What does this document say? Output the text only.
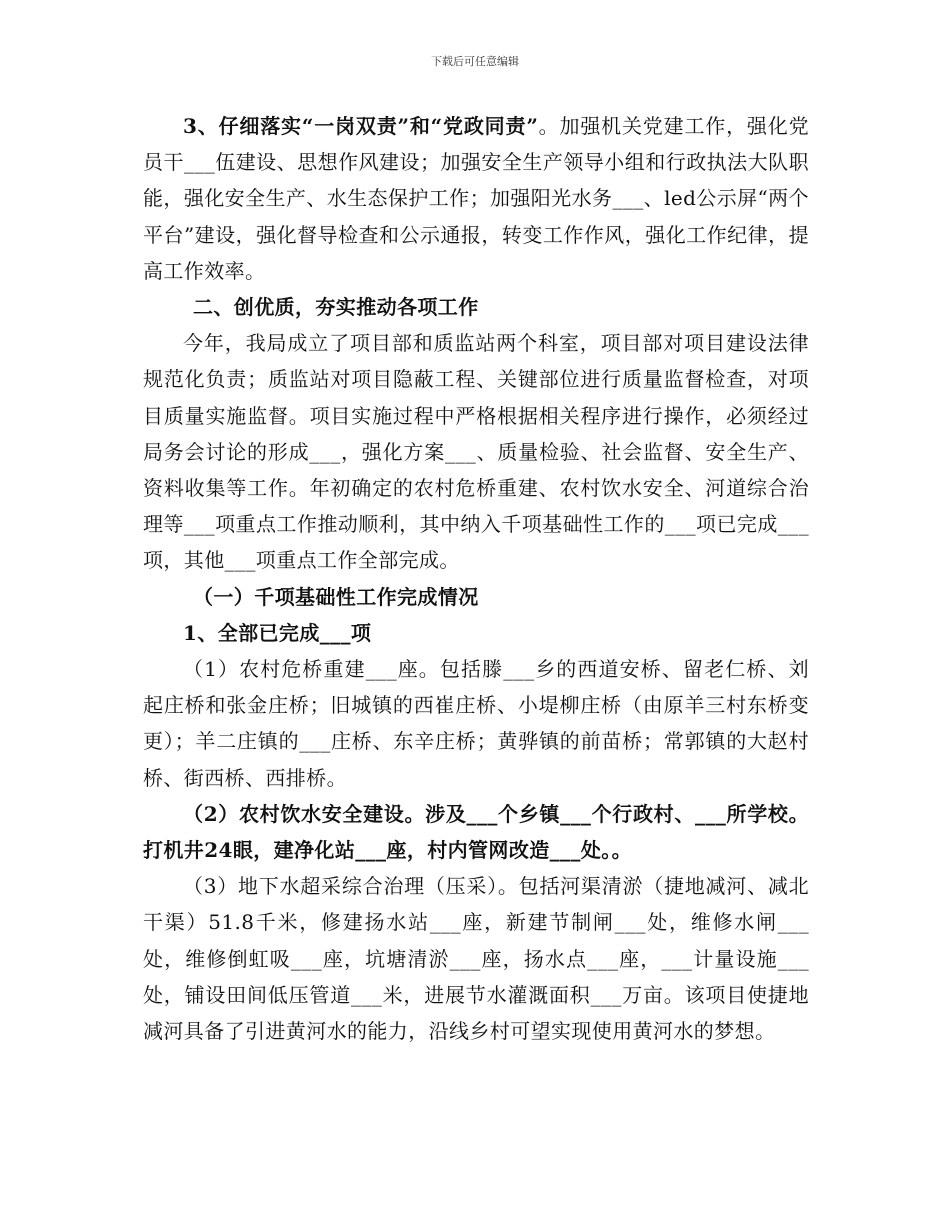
下载后可任意编辑

3、仔细落实“一岗双责”和“党政同责”。加强机关党建工作，强化党员干___伍建设、思想作风建设；加强安全生产领导小组和行政执法大队职能，强化安全生产、水生态保护工作；加强阳光水务___、led公示屏“两个平台”建设，强化督导检查和公示通报，转变工作作风，强化工作纪律，提高工作效率。

二、创优质，夯实推动各项工作

今年，我局成立了项目部和质监站两个科室，项目部对项目建设法律规范化负责；质监站对项目隐蔽工程、关键部位进行质量监督检查，对项目质量实施监督。项目实施过程中严格根据相关程序进行操作，必须经过局务会讨论的形成___，强化方案___、质量检验、社会监督、安全生产、资料收集等工作。年初确定的农村危桥重建、农村饮水安全、河道综合治理等___项重点工作推动顺利，其中纳入千项基础性工作的___项已完成___项，其他___项重点工作全部完成。

（一）千项基础性工作完成情况

1、全部已完成___项

（1）农村危桥重建___座。包括滕___乡的西道安桥、留老仁桥、刘起庄桥和张金庄桥；旧城镇的西崔庄桥、小堤柳庄桥（由原羊三村东桥变更）；羊二庄镇的___庄桥、东辛庄桥；黄骅镇的前苗桥；常郭镇的大赵村桥、街西桥、西排桥。

（2）农村饮水安全建设。涉及___个乡镇___个行政村、___所学校。打机井24眼，建净化站___座，村内管网改造___处。。

（3）地下水超采综合治理（压采）。包括河渠清淤（捷地减河、减北干渠）51.8千米，修建扬水站___座，新建节制闸___处，维修水闸___处，维修倒虹吸___座，坑塘清淤___座，扬水点___座，___计量设施___处，铺设田间低压管道___米，进展节水灌溉面积___万亩。该项目使捷地减河具备了引进黄河水的能力，沿线乡村可望实现使用黄河水的梦想。
